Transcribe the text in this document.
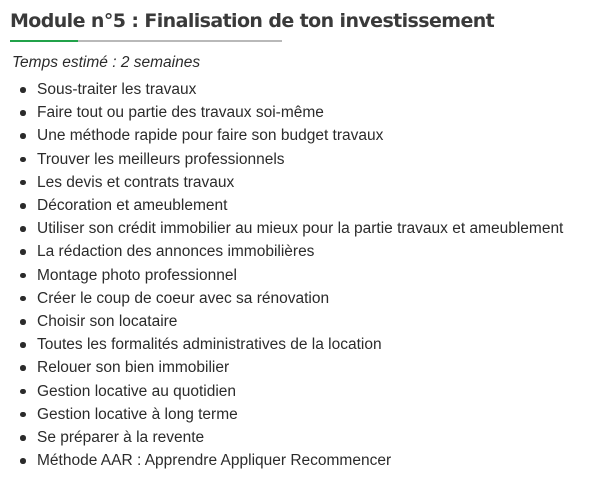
Module n°5 : Finalisation de ton investissement

Temps estimé : 2 semaines

Sous-traiter les travaux
Faire tout ou partie des travaux soi-même
Une méthode rapide pour faire son budget travaux
Trouver les meilleurs professionnels
Les devis et contrats travaux
Décoration et ameublement
Utiliser son crédit immobilier au mieux pour la partie travaux et ameublement
La rédaction des annonces immobilières
Montage photo professionnel
Créer le coup de coeur avec sa rénovation
Choisir son locataire
Toutes les formalités administratives de la location
Relouer son bien immobilier
Gestion locative au quotidien
Gestion locative à long terme
Se préparer à la revente
Méthode AAR : Apprendre Appliquer Recommencer
